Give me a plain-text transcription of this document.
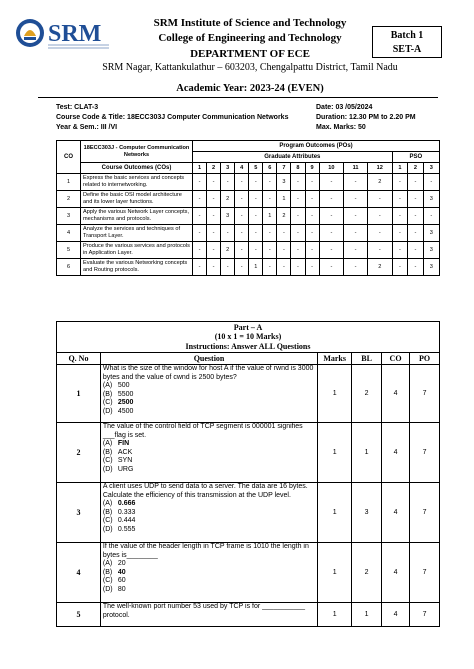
SRM	SRM Institute of Science and Technology
College of Engineering and Technology
DEPARTMENT OF ECE
SRM Nagar, Kattankulathur – 603203, Chengalpattu District, Tamil Nadu
Batch 1
SET-A
Academic Year: 2023-24 (EVEN)
Test: CLAT-3
Course Code & Title: 18ECC303J Computer Communication Networks
Year & Sem.: III /VI
Date: 03 /05/2024
Duration: 12.30 PM to 2.20 PM
Max. Marks: 50
CO	18ECC303J - Computer Communication Networks	Program Outcomes (POs)														
		Graduate Attributes												PSO		
	Course Outcomes (COs)	1	2	3	4	5	6	7	8	9	10	11	12	1	2	3
1	Express the basic services and concepts related to internetworking.	-	-	-	-	-	-	3	-	-	-	-	2	-	-	-
2	Define the basic OSI model architecture and its lower layer functions.	-	-	2	-	-	-	1	-	-	-	-	-	-	-	3
3	Apply the various Network Layer concepts, mechanisms and protocols.	-	-	3	-	-	1	2	-	-	-	-	-	-	-	-
4	Analyze the services and techniques of Transport Layer.	-	-	-	-	-	-	-	-	-	-	-	-	-	-	3
5	Produce the various services and protocols in Application Layer.	-	-	2	-	-	-	-	-	-	-	-	-	-	-	3
6	Evaluate the various Networking concepts and Routing protocols.	-	-	-	-	1	-	-	-	-	-	-	2	-	-	3
Part – A
(10 x 1 = 10 Marks)
Instructions: Answer ALL Questions					

Q. No	Question	Marks	BL	CO	PO
1	What is the size of the window for host A if the value of rwnd is 3000 bytes and the value of cwnd is 2500 bytes?
(A) 500
(B) 5500
(C) 2500
(D) 4500	1	2	4	7
2	The value of the control field of TCP segment is 000001 signifies ___flag is set.
(A) FIN
(B) ACK
(C) SYN
(D) URG	1	1	4	7
3	A client uses UDP to send data to a server. The data are 16 bytes. Calculate the efficiency of this transmission at the UDP level.
(A) 0.666
(B) 0.333
(C) 0.444
(D) 0.555	1	3	4	7
4	If the value of the header length in TCP frame is 1010 the length in bytes is________
(A) 20
(B) 40
(C) 60
(D) 80	1	2	4	7
5	The well-known port number 53 used by TCP is for ___________ protocol.	1	1	4	7
